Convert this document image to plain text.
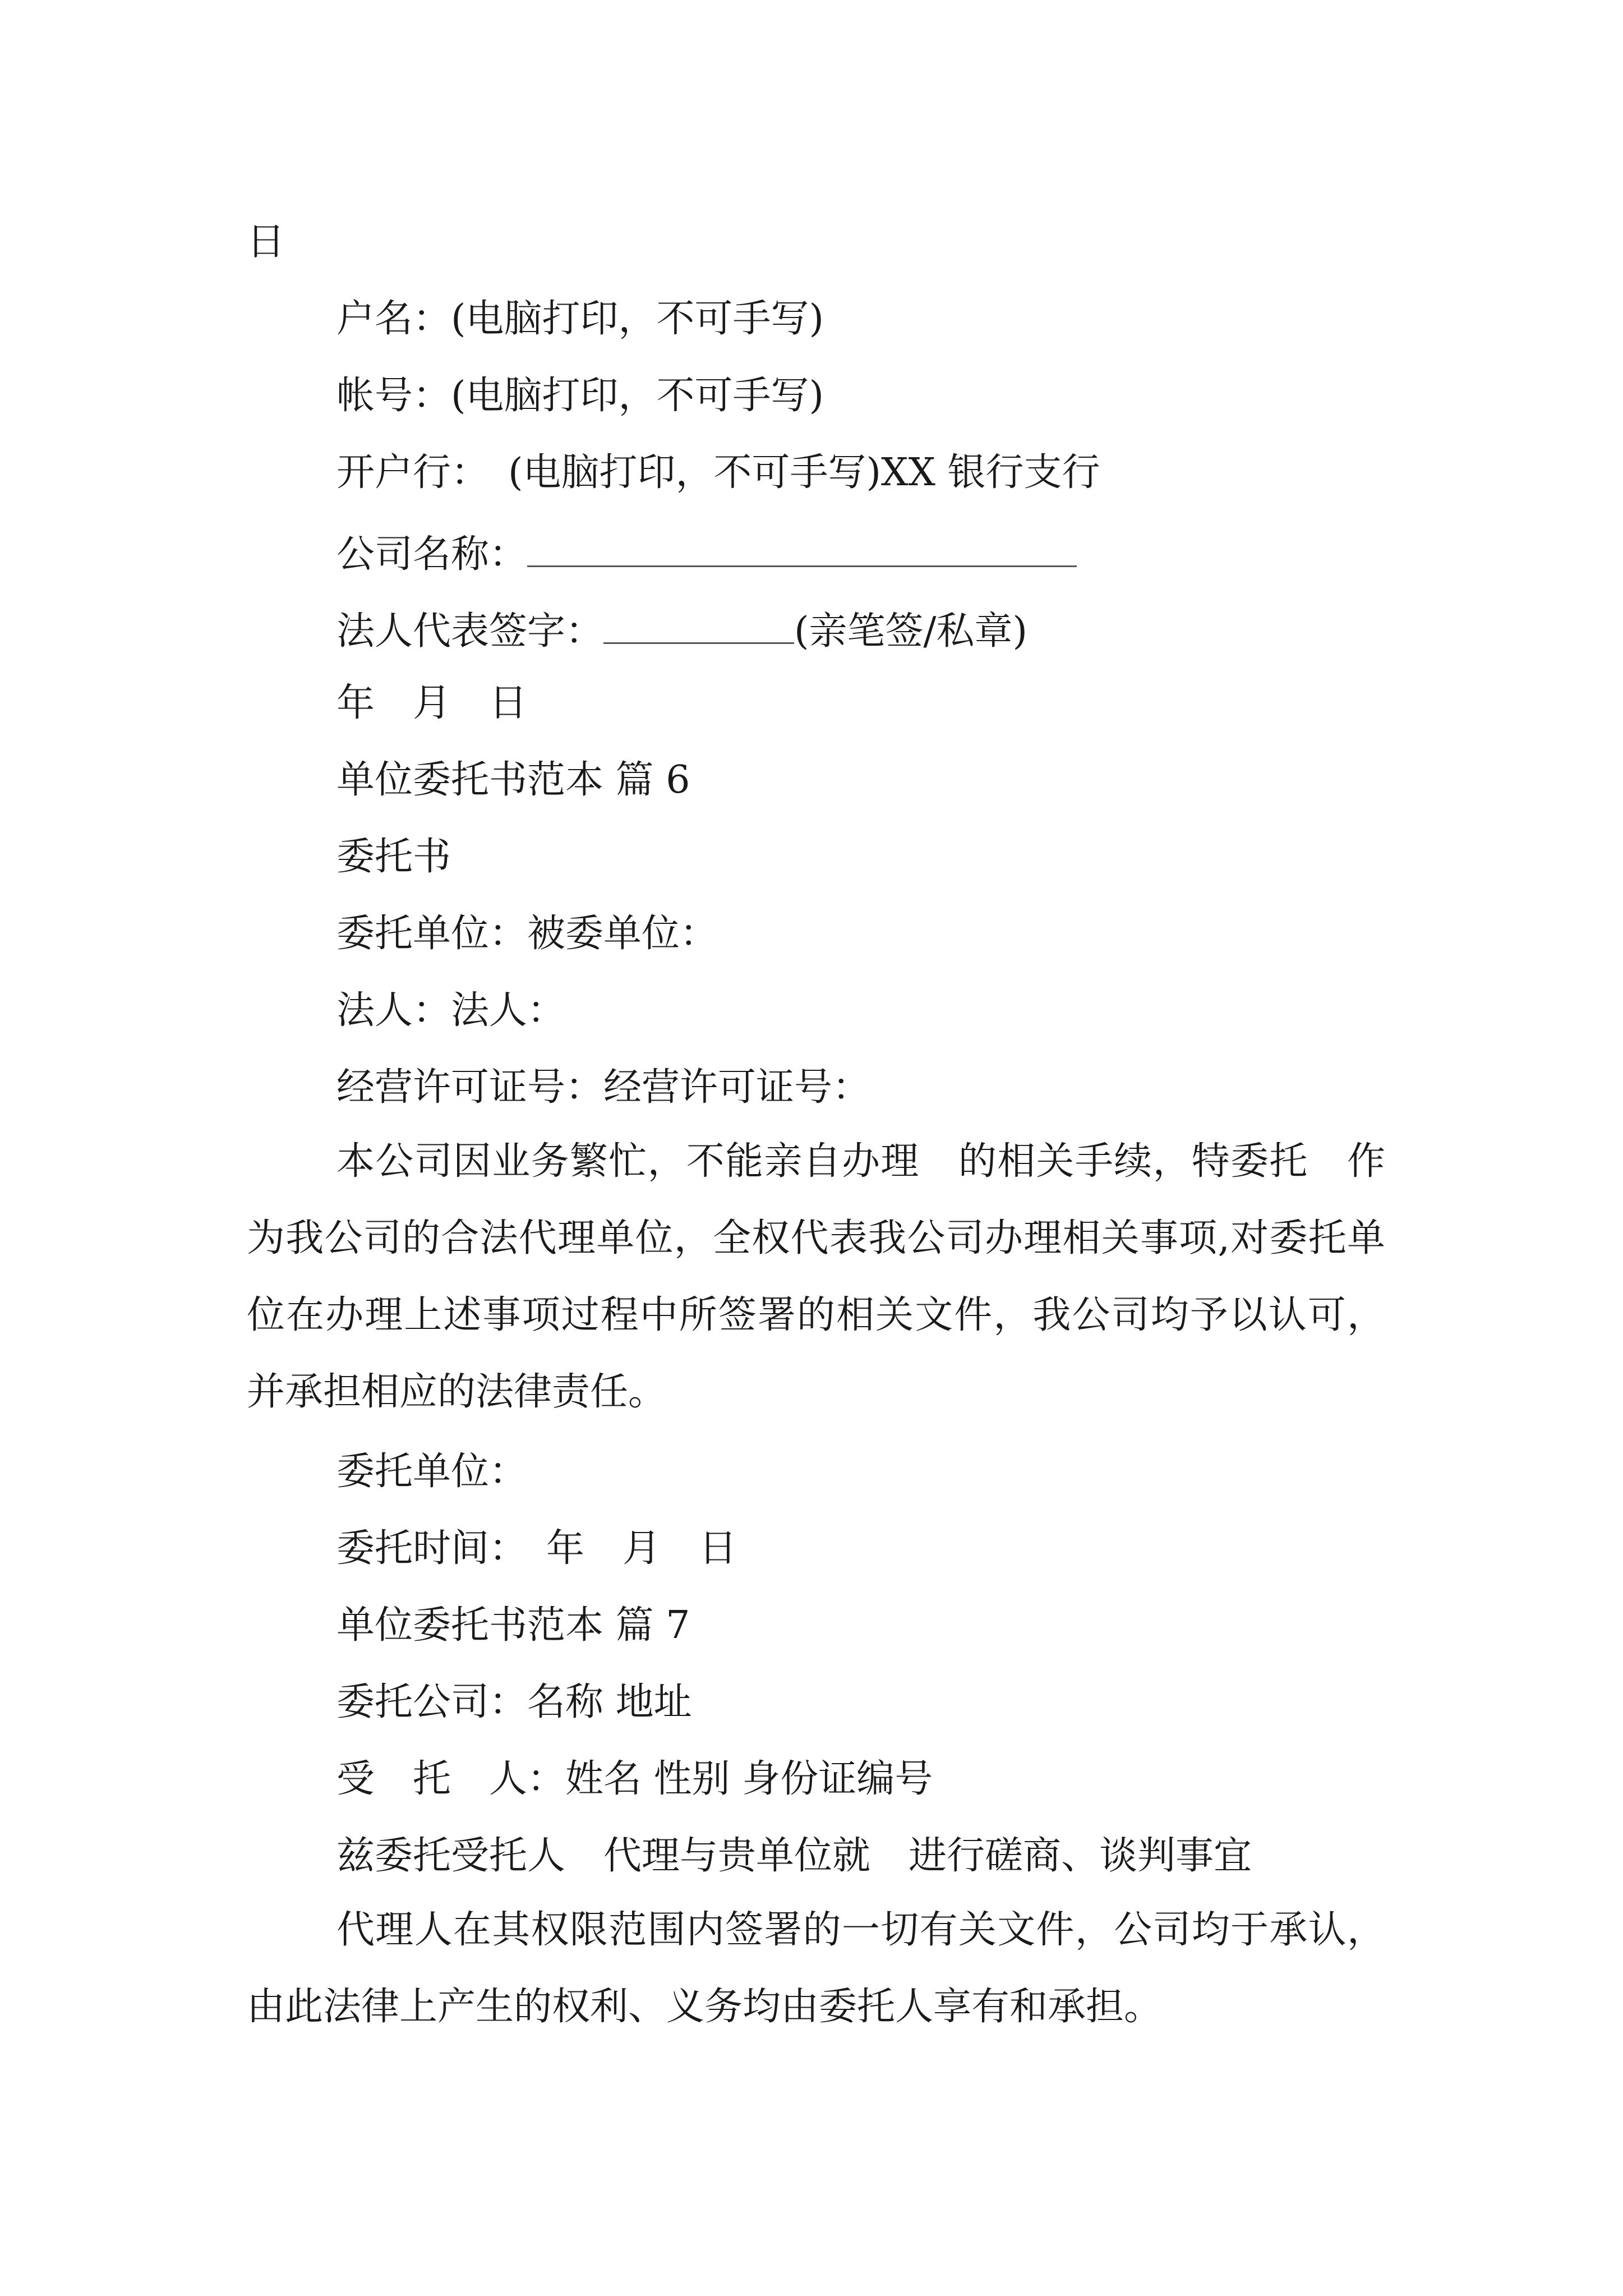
日
户名：(电脑打印，不可手写)
帐号：(电脑打印，不可手写)
开户行：　(电脑打印，不可手写)XX 银行支行
公司名称：
法人代表签字：	(亲笔签/私章)
年　月　日
单位委托书范本 篇 6
委托书
委托单位：被委单位：
法人：法人：
经营许可证号：经营许可证号：

本公司因业务繁忙，不能亲自办理　的相关手续，特委托　作为我公司的合法代理单位，全权代表我公司办理相关事项,对委托单位在办理上述事项过程中所签署的相关文件，我公司均予以认可，并承担相应的法律责任。

委托单位：
委托时间：　年　月　日
单位委托书范本 篇 7
委托公司：名称 地址
受　托　人：姓名 性别 身份证编号
兹委托受托人　代理与贵单位就　进行磋商、谈判事宜

代理人在其权限范围内签署的一切有关文件，公司均于承认，由此法律上产生的权利、义务均由委托人享有和承担。
